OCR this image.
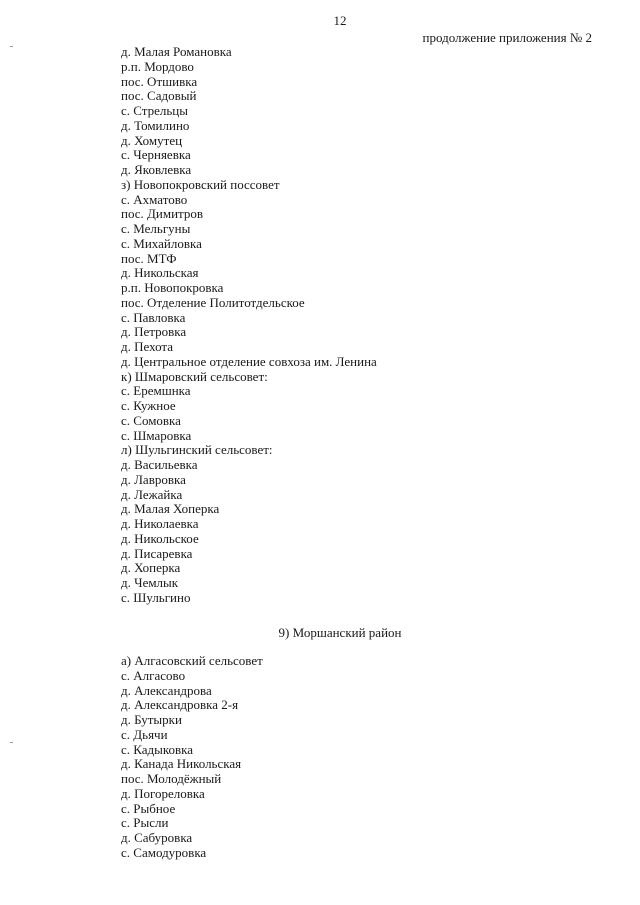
12
продолжение приложения № 2
д. Малая Романовка
р.п. Мордово
пос. Отшивка
пос. Садовый
с. Стрельцы
д. Томилино
д. Хомутец
с. Черняевка
д. Яковлевка
з) Новопокровский поссовет
с. Ахматово
пос. Димитров
с. Мельгуны
с. Михайловка
пос. МТФ
д. Никольская
р.п. Новопокровка
пос. Отделение Политотдельское
с. Павловка
д. Петровка
д. Пехота
д. Центральное отделение совхоза им. Ленина
к) Шмаровский сельсовет:
с. Еремшнка
с. Кужное
с. Сомовка
с. Шмаровка
л) Шульгинский сельсовет:
д. Васильевка
д. Лавровка
д. Лежайка
д. Малая Хоперка
д. Николаевка
д. Никольское
д. Писаревка
д. Хоперка
д. Чемлык
с. Шульгино
9) Моршанский район
а) Алгасовский сельсовет
с. Алгасово
д. Александрова
д. Александровка 2-я
д. Бутырки
с. Дьячи
с. Кадыковка
д. Канада Никольская
пос. Молодёжный
д. Погореловка
с. Рыбное
с. Рысли
д. Сабуровка
с. Самодуровка
